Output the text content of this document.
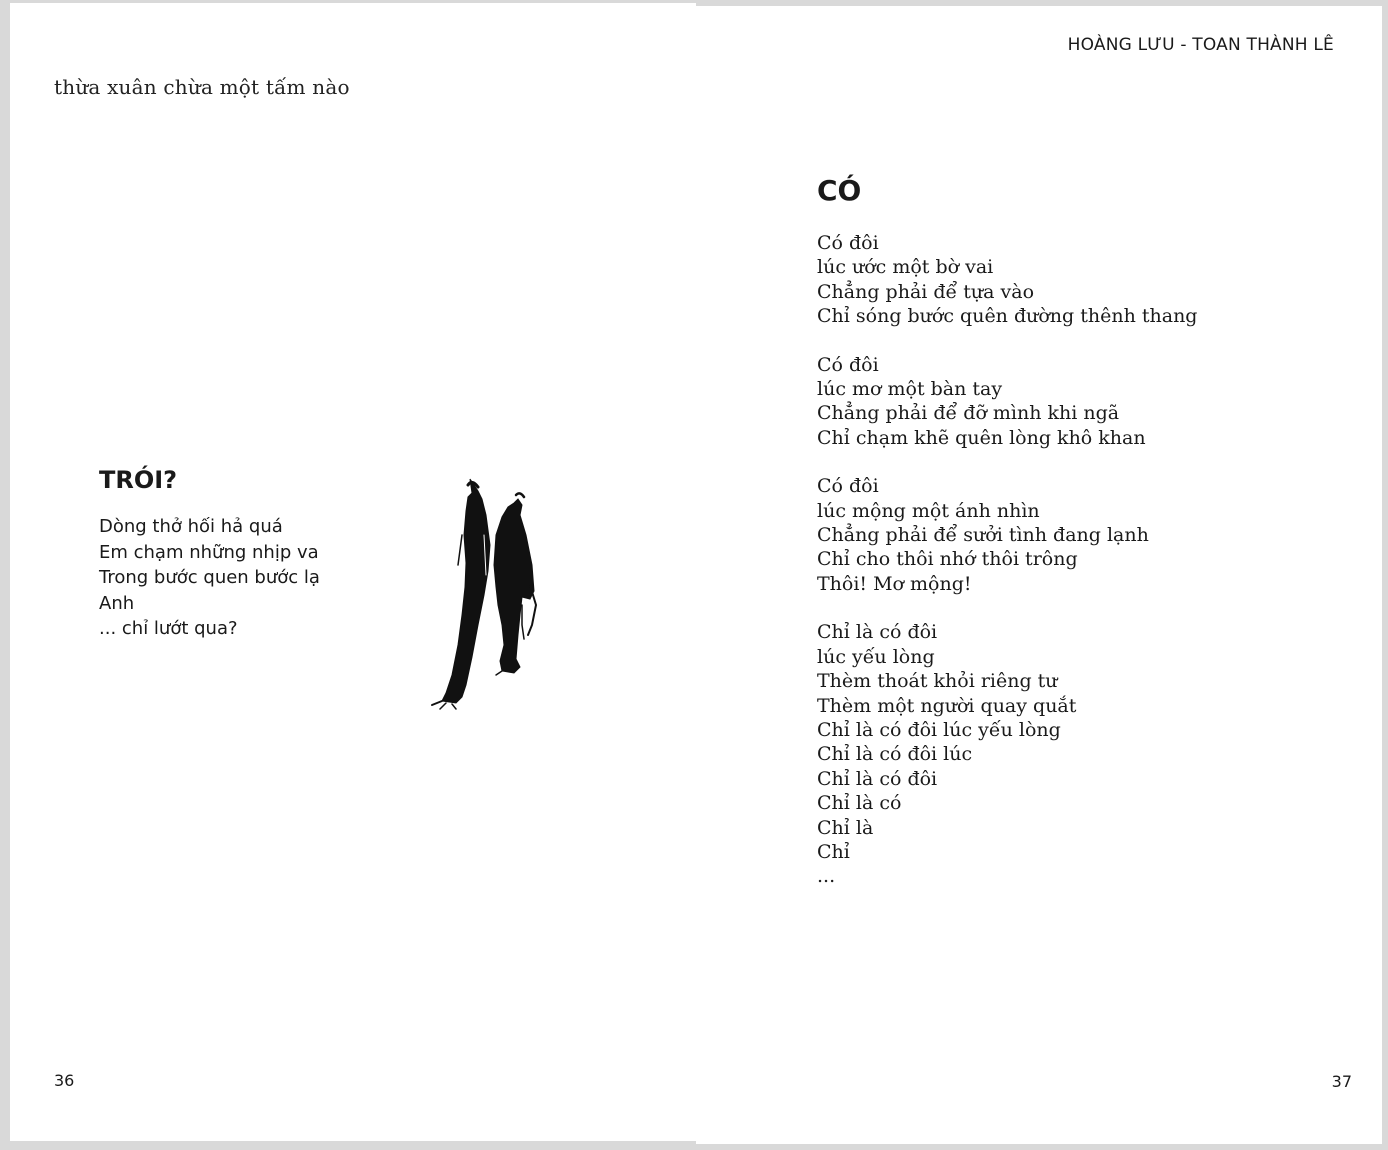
thừa xuân chừa một tấm nào
TRÓI?
Dòng thở hối hả quá
Em chạm những nhịp va
Trong bước quen bước lạ
Anh
... chỉ lướt qua?
36
HOÀNG LƯU - TOAN THÀNH LÊ
CÓ
Có đôi
lúc ước một bờ vai
Chẳng phải để tựa vào
Chỉ sóng bước quên đường thênh thang
Có đôi
lúc mơ một bàn tay
Chẳng phải để đỡ mình khi ngã
Chỉ chạm khẽ quên lòng khô khan
Có đôi
lúc mộng một ánh nhìn
Chẳng phải để sưởi tình đang lạnh
Chỉ cho thôi nhớ thôi trông
Thôi! Mơ mộng!
Chỉ là có đôi
lúc yếu lòng
Thèm thoát khỏi riêng tư
Thèm một người quay quắt
Chỉ là có đôi lúc yếu lòng
Chỉ là có đôi lúc
Chỉ là có đôi
Chỉ là có
Chỉ là
Chỉ
...
37
